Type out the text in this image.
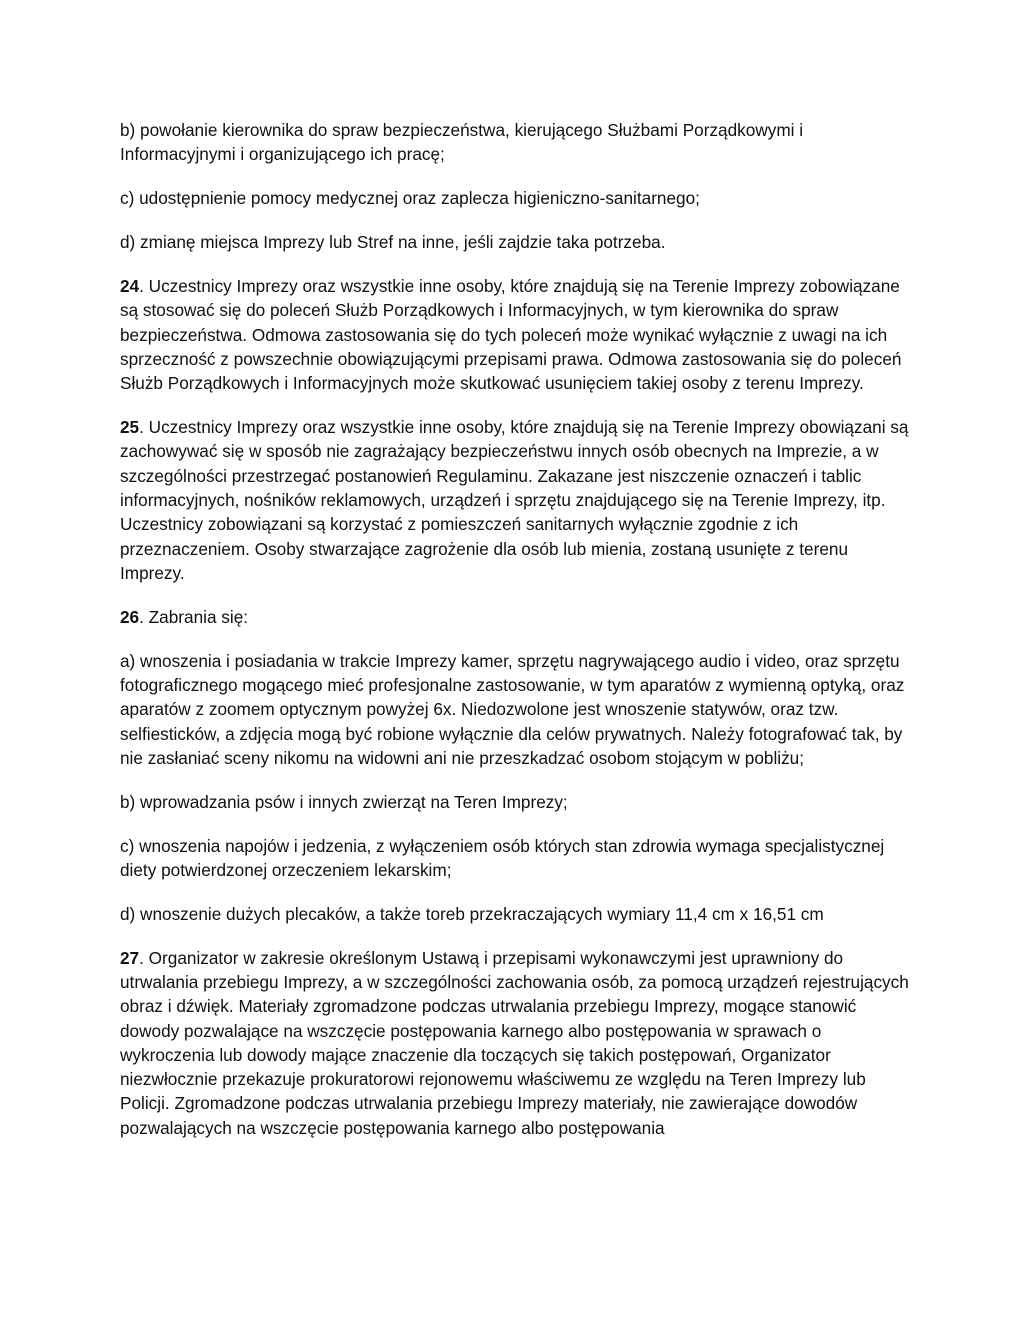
b) powołanie kierownika do spraw bezpieczeństwa, kierującego Służbami Porządkowymi i Informacyjnymi i organizującego ich pracę;

c) udostępnienie pomocy medycznej oraz zaplecza higieniczno-sanitarnego;

d) zmianę miejsca Imprezy lub Stref na inne, jeśli zajdzie taka potrzeba.

24. Uczestnicy Imprezy oraz wszystkie inne osoby, które znajdują się na Terenie Imprezy zobowiązane są stosować się do poleceń Służb Porządkowych i Informacyjnych, w tym kierownika do spraw bezpieczeństwa. Odmowa zastosowania się do tych poleceń może wynikać wyłącznie z uwagi na ich sprzeczność z powszechnie obowiązującymi przepisami prawa. Odmowa zastosowania się do poleceń Służb Porządkowych i Informacyjnych może skutkować usunięciem takiej osoby z terenu Imprezy.

25. Uczestnicy Imprezy oraz wszystkie inne osoby, które znajdują się na Terenie Imprezy obowiązani są zachowywać się w sposób nie zagrażający bezpieczeństwu innych osób obecnych na Imprezie, a w szczególności przestrzegać postanowień Regulaminu. Zakazane jest niszczenie oznaczeń i tablic informacyjnych, nośników reklamowych, urządzeń i sprzętu znajdującego się na Terenie Imprezy, itp. Uczestnicy zobowiązani są korzystać z pomieszczeń sanitarnych wyłącznie zgodnie z ich przeznaczeniem. Osoby stwarzające zagrożenie dla osób lub mienia, zostaną usunięte z terenu Imprezy.

26. Zabrania się:

a) wnoszenia i posiadania w trakcie Imprezy kamer, sprzętu nagrywającego audio i video, oraz sprzętu fotograficznego mogącego mieć profesjonalne zastosowanie, w tym aparatów z wymienną optyką, oraz aparatów z zoomem optycznym powyżej 6x. Niedozwolone jest wnoszenie statywów, oraz tzw. selfiesticków, a zdjęcia mogą być robione wyłącznie dla celów prywatnych. Należy fotografować tak, by nie zasłaniać sceny nikomu na widowni ani nie przeszkadzać osobom stojącym w pobliżu;

b) wprowadzania psów i innych zwierząt na Teren Imprezy;

c) wnoszenia napojów i jedzenia, z wyłączeniem osób których stan zdrowia wymaga specjalistycznej diety potwierdzonej orzeczeniem lekarskim;

d) wnoszenie dużych plecaków, a także toreb przekraczających wymiary 11,4 cm x 16,51 cm

27. Organizator w zakresie określonym Ustawą i przepisami wykonawczymi jest uprawniony do utrwalania przebiegu Imprezy, a w szczególności zachowania osób, za pomocą urządzeń rejestrujących obraz i dźwięk. Materiały zgromadzone podczas utrwalania przebiegu Imprezy, mogące stanowić dowody pozwalające na wszczęcie postępowania karnego albo postępowania w sprawach o wykroczenia lub dowody mające znaczenie dla toczących się takich postępowań, Organizator niezwłocznie przekazuje prokuratorowi rejonowemu właściwemu ze względu na Teren Imprezy lub Policji. Zgromadzone podczas utrwalania przebiegu Imprezy materiały, nie zawierające dowodów pozwalających na wszczęcie postępowania karnego albo postępowania
